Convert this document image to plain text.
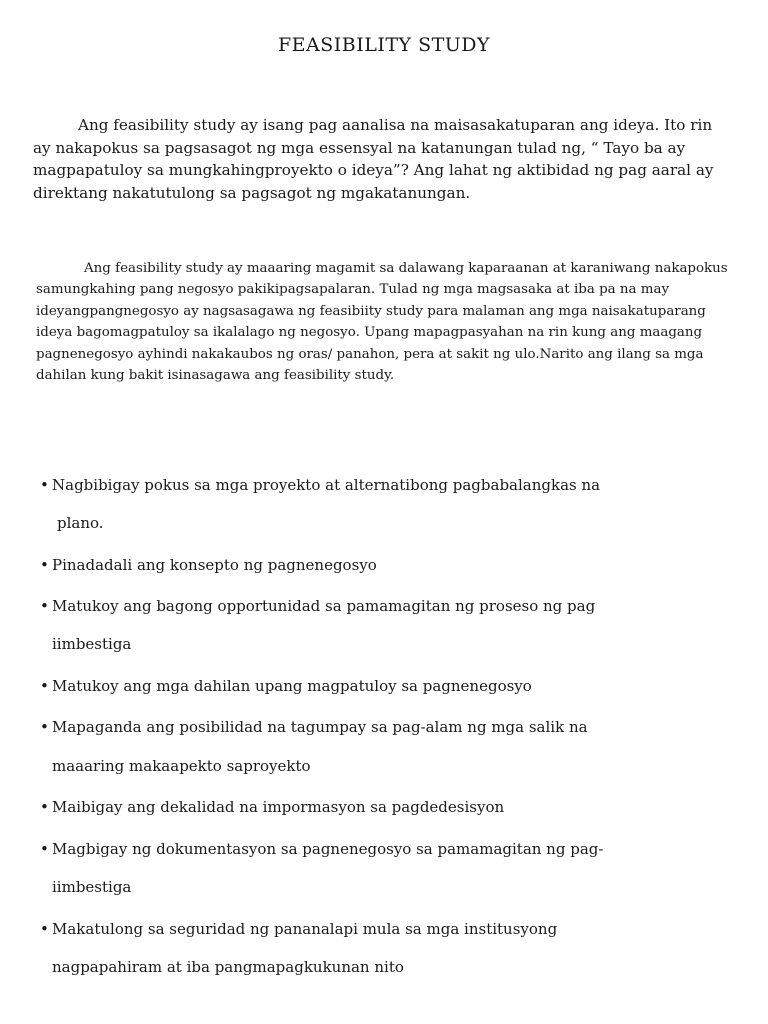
FEASIBILITY STUDY

Ang feasibility study ay isang pag aanalisa na maisasakatuparan ang ideya. Ito rin ay nakapokus sa pagsasagot ng mga essensyal na katanungan tulad ng, “ Tayo ba ay magpapatuloy sa mungkahingproyekto o ideya”? Ang lahat ng aktibidad ng pag aaral ay direktang nakatutulong sa pagsagot ng mgakatanungan.

Ang feasibility study ay maaaring magamit sa dalawang kaparaanan at karaniwang nakapokus samungkahing pang negosyo pakikipagsapalaran. Tulad ng mga magsasaka at iba pa na may ideyangpangnegosyo ay nagsasagawa ng feasibiity study para malaman ang mga naisakatuparang ideya bagomagpatuloy sa ikalalago ng negosyo. Upang mapagpasyahan na rin kung ang maagang pagnenegosyo ayhindi nakakaubos ng oras/ panahon, pera at sakit ng ulo.Narito ang ilang sa mga dahilan kung bakit isinasagawa ang feasibility study.

• Nagbibigay pokus sa mga proyekto at alternatibong pagbabalangkas na
plano.
• Pinadadali ang konsepto ng pagnenegosyo
• Matukoy ang bagong opportunidad sa pamamagitan ng proseso ng pag
iimbestiga
• Matukoy ang mga dahilan upang magpatuloy sa pagnenegosyo
• Mapaganda ang posibilidad na tagumpay sa pag-alam ng mga salik na
maaaring makaapekto saproyekto
• Maibigay ang dekalidad na impormasyon sa pagdedesisyon
• Magbigay ng dokumentasyon sa pagnenegosyo sa pamamagitan ng pag-
iimbestiga
• Makatulong sa seguridad ng pananalapi mula sa mga institusyong
nagpapahiram at iba pangmapagkukunan nito
